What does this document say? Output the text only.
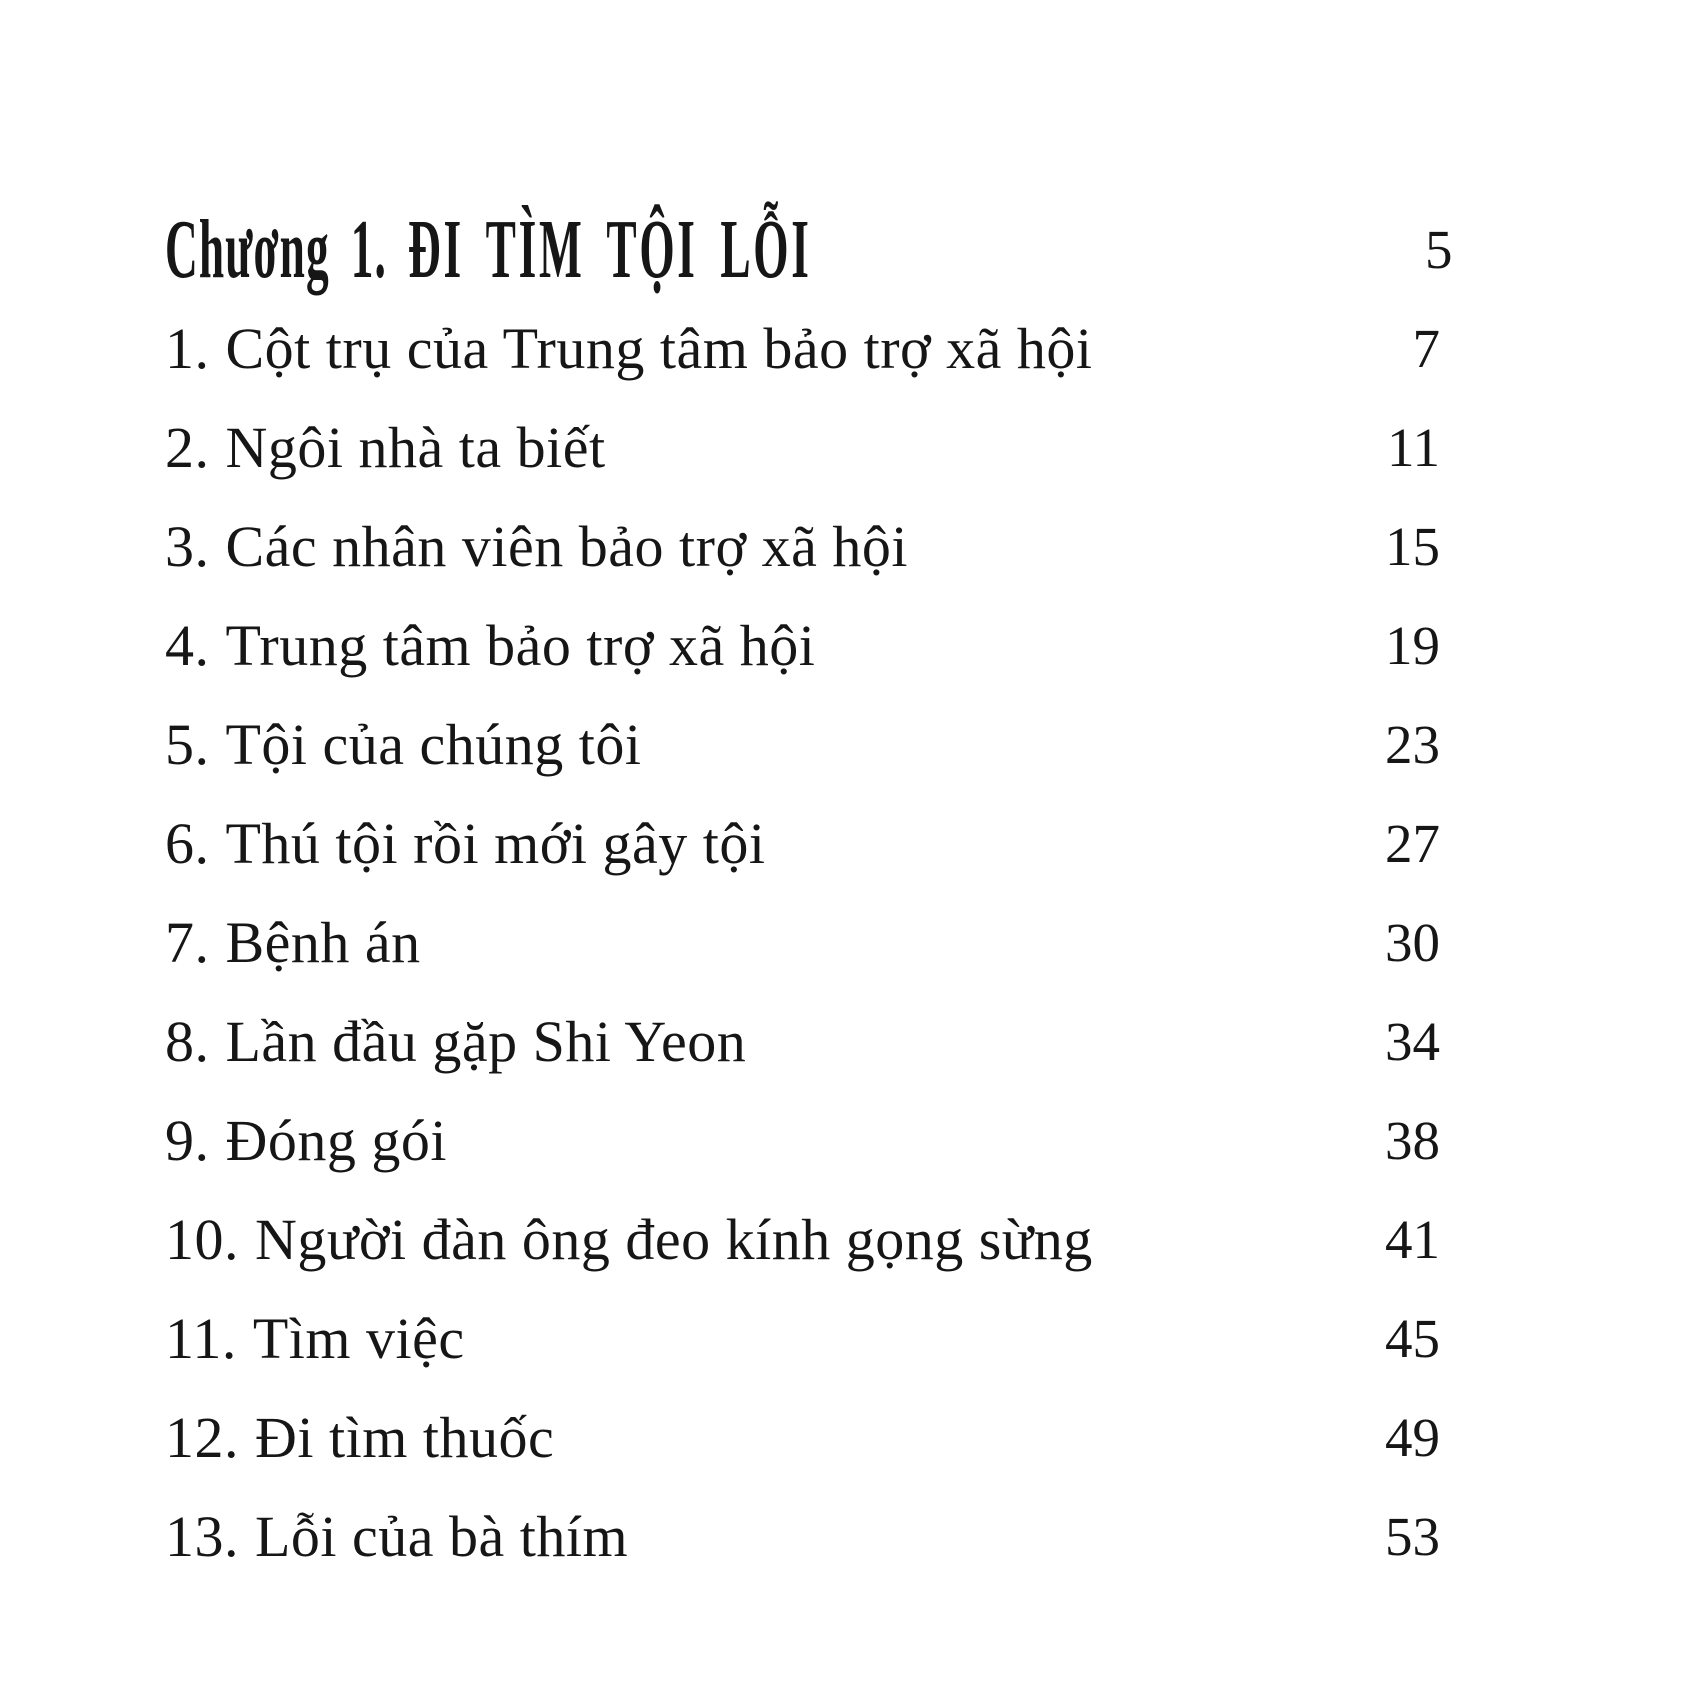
Chương 1. ĐI TÌM TỘI LỖI	5
1. Cột trụ của Trung tâm bảo trợ xã hội	7
2. Ngôi nhà ta biết	11
3. Các nhân viên bảo trợ xã hội	15
4. Trung tâm bảo trợ xã hội	19
5. Tội của chúng tôi	23
6. Thú tội rồi mới gây tội	27
7. Bệnh án	30
8. Lần đầu gặp Shi Yeon	34
9. Đóng gói	38
10. Người đàn ông đeo kính gọng sừng	41
11. Tìm việc	45
12. Đi tìm thuốc	49
13. Lỗi của bà thím	53
